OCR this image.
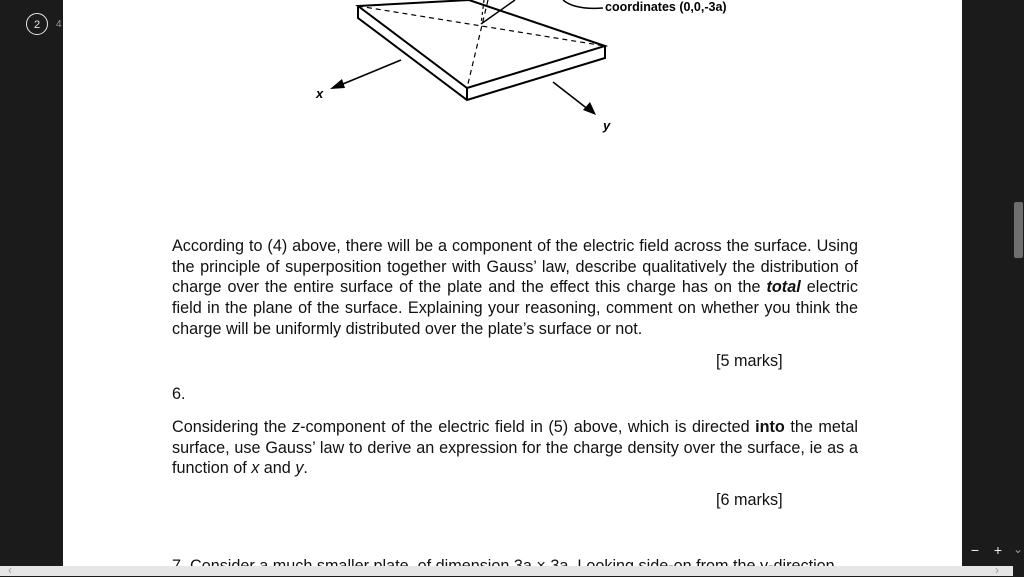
2	4
coordinates (0,0,-3a)
x
y

According to (4) above, there will be a component of the electric field across the surface. Using the principle of superposition together with Gauss’ law, describe qualitatively the distribution of charge over the entire surface of the plate and the effect this charge has on the total electric field in the plane of the surface. Explaining your reasoning, comment on whether you think the charge will be uniformly distributed over the plate’s surface or not.

[5 marks]
6.

Considering the z-component of the electric field in (5) above, which is directed into the metal surface, use Gauss’ law to derive an expression for the charge density over the surface, ie as a function of x and y.

[6 marks]
− + ⌄
‹	›
